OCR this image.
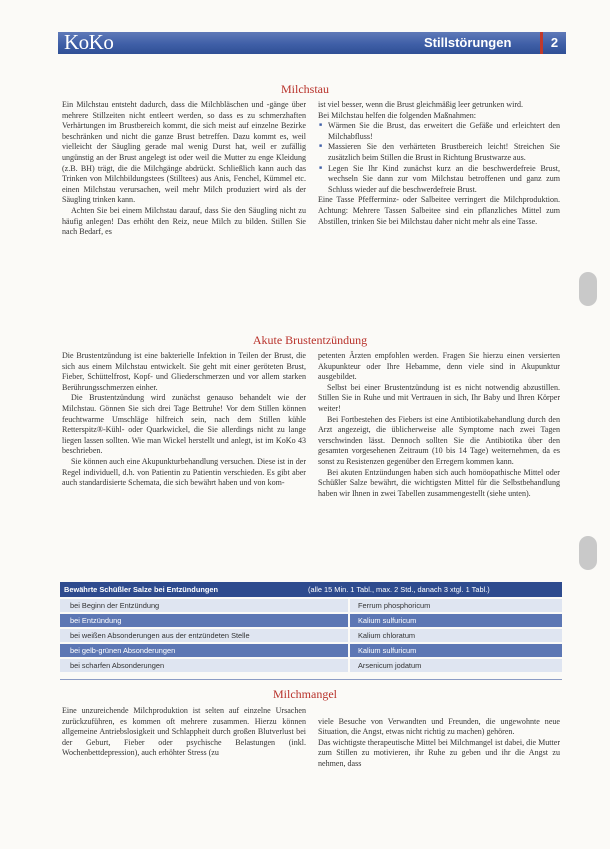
KoKo	Stillstörungen	2
Milchstau

Ein Milchstau entsteht dadurch, dass die Milchbläschen und -gänge über mehrere Stillzeiten nicht entleert werden, so dass es zu schmerzhaften Verhärtungen im Brustbereich kommt, die sich meist auf einzelne Bezirke beschränken und nicht die ganze Brust betreffen. Dazu kommt es, weil vielleicht der Säugling gerade mal wenig Durst hat, weil er zufällig ungünstig an der Brust angelegt ist oder weil die Mutter zu enge Kleidung (z.B. BH) trägt, die die Milchgänge abdrückt. Schließlich kann auch das Trinken von Milchbildungstees (Stilltees) aus Anis, Fenchel, Kümmel etc. einen Milchstau verursachen, weil mehr Milch produziert wird als der Säugling trinken kann.

Achten Sie bei einem Milchstau darauf, dass Sie den Säugling nicht zu häufig anlegen! Das erhöht den Reiz, neue Milch zu bilden. Stillen Sie nach Bedarf, es

ist viel besser, wenn die Brust gleichmäßig leer getrunken wird.

Bei Milchstau helfen die folgenden Maßnahmen:

■ Wärmen Sie die Brust, das erweitert die Gefäße und erleichtert den Milchabfluss!
■ Massieren Sie den verhärteten Brustbereich leicht! Streichen Sie zusätzlich beim Stillen die Brust in Richtung Brustwarze aus.
■ Legen Sie Ihr Kind zunächst kurz an die beschwerdefreie Brust, wechseln Sie dann zur vom Milchstau betroffenen und ganz zum Schluss wieder auf die beschwerdefreie Brust.

Eine Tasse Pfefferminz- oder Salbeitee verringert die Milchproduktion. Achtung: Mehrere Tassen Salbeitee sind ein pflanzliches Mittel zum Abstillen, trinken Sie bei Milchstau daher nicht mehr als eine Tasse.

Akute Brustentzündung

Die Brustentzündung ist eine bakterielle Infektion in Teilen der Brust, die sich aus einem Milchstau entwickelt. Sie geht mit einer geröteten Brust, Fieber, Schüttelfrost, Kopf- und Gliederschmerzen und vor allem starken Berührungsschmerzen einher.

Die Brustentzündung wird zunächst genauso behandelt wie der Milchstau. Gönnen Sie sich drei Tage Bettruhe! Vor dem Stillen können feuchtwarme Umschläge hilfreich sein, nach dem Stillen kühle Retterspitz®-Kühl- oder Quarkwickel, die Sie allerdings nicht zu lange liegen lassen sollten. Wie man Wickel herstellt und anlegt, ist im KoKo 43 beschrieben.

Sie können auch eine Akupunkturbehandlung versuchen. Diese ist in der Regel individuell, d.h. von Patientin zu Patientin verschieden. Es gibt aber auch standardisierte Schemata, die sich bewährt haben und von kom-

petenten Ärzten empfohlen werden. Fragen Sie hierzu einen versierten Akupunkteur oder Ihre Hebamme, denn viele sind in Akupunktur ausgebildet.

Selbst bei einer Brustentzündung ist es nicht notwendig abzustillen. Stillen Sie in Ruhe und mit Vertrauen in sich, Ihr Baby und Ihren Körper weiter!

Bei Fortbestehen des Fiebers ist eine Antibiotikabehandlung durch den Arzt angezeigt, die üblicherweise alle Symptome nach zwei Tagen verschwinden lässt. Dennoch sollten Sie die Antibiotika über den gesamten vorgesehenen Zeitraum (10 bis 14 Tage) weiternehmen, da es sonst zu Resistenzen gegenüber den Erregern kommen kann.

Bei akuten Entzündungen haben sich auch homöopathische Mittel oder Schüßler Salze bewährt, die wichtigsten Mittel für die Selbstbehandlung haben wir Ihnen in zwei Tabellen zusammengestellt (siehe unten).

Bewährte Schüßler Salze bei Entzündungen	(alle 15 Min. 1 Tabl., max. 2 Std., danach 3 xtgl. 1 Tabl.)
bei Beginn der Entzündung	Ferrum phosphoricum
bei Entzündung	Kalium sulfuricum
bei weißen Absonderungen aus der entzündeten Stelle	Kalium chloratum
bei gelb-grünen Absonderungen	Kalium sulfuricum
bei scharfen Absonderungen	Arsenicum jodatum
Milchmangel

Eine unzureichende Milchproduktion ist selten auf einzelne Ursachen zurückzuführen, es kommen oft mehrere zusammen. Hierzu können allgemeine Antriebslosigkeit und Schlappheit durch großen Blutverlust bei der Geburt, Fieber oder psychische Belastungen (inkl. Wochenbettdepression), auch erhöhter Stress (zu

viele Besuche von Verwandten und Freunden, die ungewohnte neue Situation, die Angst, etwas nicht richtig zu machen) gehören.
Das wichtigste therapeutische Mittel bei Milchmangel ist dabei, die Mutter zum Stillen zu motivieren, ihr Ruhe zu geben und ihr die Angst zu nehmen, dass
